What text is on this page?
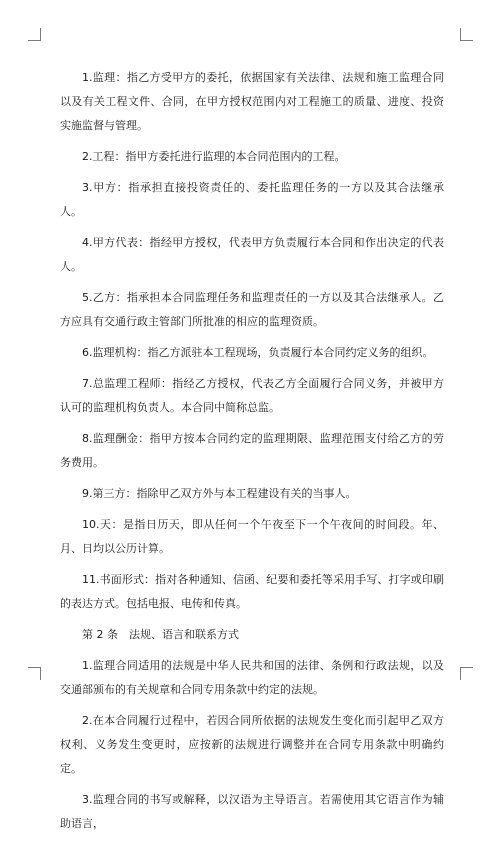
1.监理：指乙方受甲方的委托，依据国家有关法律、法规和施工监理合同以及有关工程文件、合同，在甲方授权范围内对工程施工的质量、进度、投资实施监督与管理。

2.工程：指甲方委托进行监理的本合同范围内的工程。

3.甲方：指承担直接投资责任的、委托监理任务的一方以及其合法继承人。

4.甲方代表：指经甲方授权，代表甲方负责履行本合同和作出决定的代表人。

5.乙方：指承担本合同监理任务和监理责任的一方以及其合法继承人。乙方应具有交通行政主管部门所批准的相应的监理资质。

6.监理机构：指乙方派驻本工程现场，负责履行本合同约定义务的组织。

7.总监理工程师：指经乙方授权，代表乙方全面履行合同义务，并被甲方认可的监理机构负责人。本合同中简称总监。

8.监理酬金：指甲方按本合同约定的监理期限、监理范围支付给乙方的劳务费用。

9.第三方：指除甲乙双方外与本工程建设有关的当事人。

10.天：是指日历天，即从任何一个午夜至下一个午夜间的时间段。年、月、日均以公历计算。

11.书面形式：指对各种通知、信函、纪要和委托等采用手写、打字或印刷的表达方式。包括电报、电传和传真。

第 2 条　法规、语言和联系方式

1.监理合同适用的法规是中华人民共和国的法律、条例和行政法规，以及交通部颁布的有关规章和合同专用条款中约定的法规。

2.在本合同履行过程中，若因合同所依据的法规发生变化而引起甲乙双方权利、义务发生变更时，应按新的法规进行调整并在合同专用条款中明确约定。

3.监理合同的书写或解释，以汉语为主导语言。若需使用其它语言作为辅助语言，
